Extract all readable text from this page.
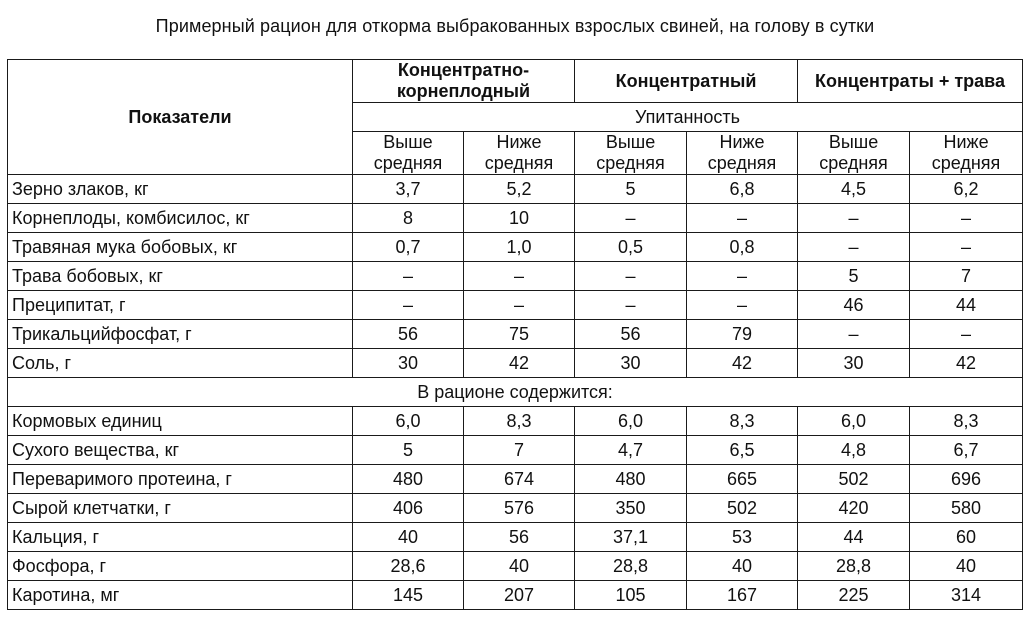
Примерный рацион для откорма выбракованных взрослых свиней, на голову в сутки
Показатели	Концентратно-корнеплодный		Концентратный		Концентраты + трава	
	Упитанность					
	Выше средняя	Ниже средняя	Выше средняя	Ниже средняя	Выше средняя	Ниже средняя
Зерно злаков, кг	3,7	5,2	5	6,8	4,5	6,2
Корнеплоды, комбисилос, кг	8	10	–	–	–	–
Травяная мука бобовых, кг	0,7	1,0	0,5	0,8	–	–
Трава бобовых, кг	–	–	–	–	5	7
Преципитат, г	–	–	–	–	46	44
Трикальцийфосфат, г	56	75	56	79	–	–
Соль, г	30	42	30	42	30	42
В рационе содержится:						
Кормовых единиц	6,0	8,3	6,0	8,3	6,0	8,3
Сухого вещества, кг	5	7	4,7	6,5	4,8	6,7
Переваримого протеина, г	480	674	480	665	502	696
Сырой клетчатки, г	406	576	350	502	420	580
Кальция, г	40	56	37,1	53	44	60
Фосфора, г	28,6	40	28,8	40	28,8	40
Каротина, мг	145	207	105	167	225	314
